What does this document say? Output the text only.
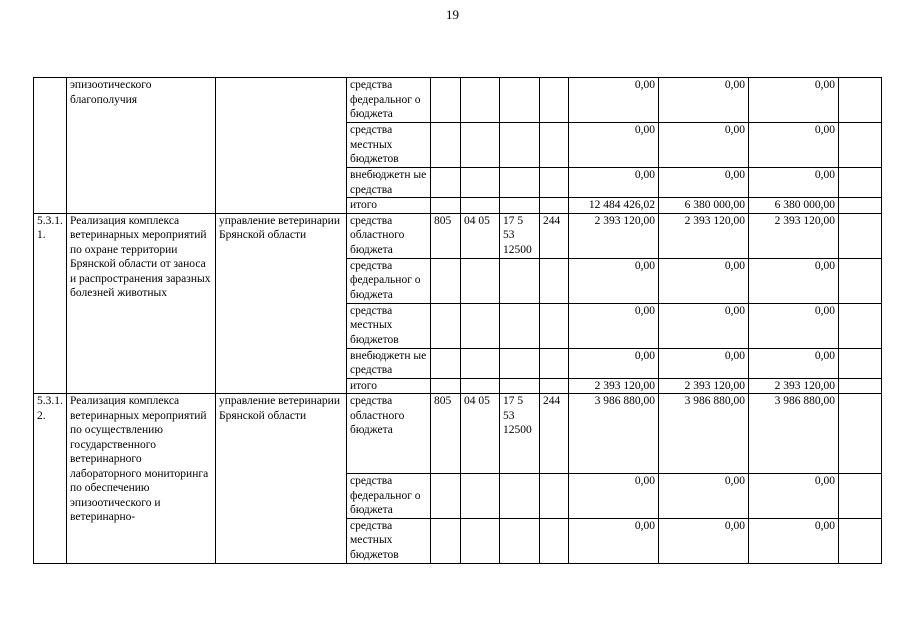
19
	эпизоотического благополучия		средства федеральног о бюджета					0,00	0,00	0,00	
			средства местных бюджетов					0,00	0,00	0,00	
			внебюджетн ые средства					0,00	0,00	0,00	
			итого					12 484 426,02	6 380 000,00	6 380 000,00	
5.3.1. 1.	Реализация комплекса ветеринарных мероприятий по охране территории Брянской области от заноса и распространения заразных болезней животных	управление ветеринарии Брянской области	средства областного бюджета	805	04 05	17 5 53 12500	244	2 393 120,00	2 393 120,00	2 393 120,00	
			средства федеральног о бюджета					0,00	0,00	0,00	
			средства местных бюджетов					0,00	0,00	0,00	
			внебюджетн ые средства					0,00	0,00	0,00	
			итого					2 393 120,00	2 393 120,00	2 393 120,00	
5.3.1. 2.	Реализация комплекса ветеринарных мероприятий по осуществлению государственного ветеринарного лабораторного мониторинга по обеспечению эпизоотического и ветеринарно-	управление ветеринарии Брянской области	средства областного бюджета	805	04 05	17 5 53 12500	244	3 986 880,00	3 986 880,00	3 986 880,00	
			средства федеральног о бюджета					0,00	0,00	0,00	
			средства местных бюджетов					0,00	0,00	0,00	
